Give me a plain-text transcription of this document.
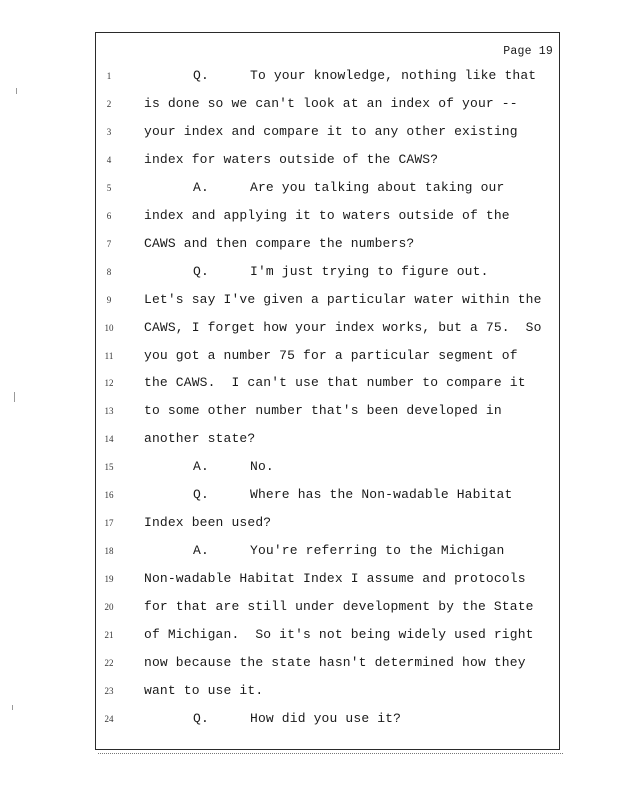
Page 19
1	Q.	To your knowledge, nothing like that
2	is done so we can't look at an index of your --
3	your index and compare it to any other existing
4	index for waters outside of the CAWS?
5	A.	Are you talking about taking our
6	index and applying it to waters outside of the
7	CAWS and then compare the numbers?
8	Q.	I'm just trying to figure out.
9	Let's say I've given a particular water within the
10	CAWS, I forget how your index works, but a 75.  So
11	you got a number 75 for a particular segment of
12	the CAWS.  I can't use that number to compare it
13	to some other number that's been developed in
14	another state?
15	A.	No.
16	Q.	Where has the Non-wadable Habitat
17	Index been used?
18	A.	You're referring to the Michigan
19	Non-wadable Habitat Index I assume and protocols
20	for that are still under development by the State
21	of Michigan.  So it's not being widely used right
22	now because the state hasn't determined how they
23	want to use it.
24	Q.	How did you use it?
